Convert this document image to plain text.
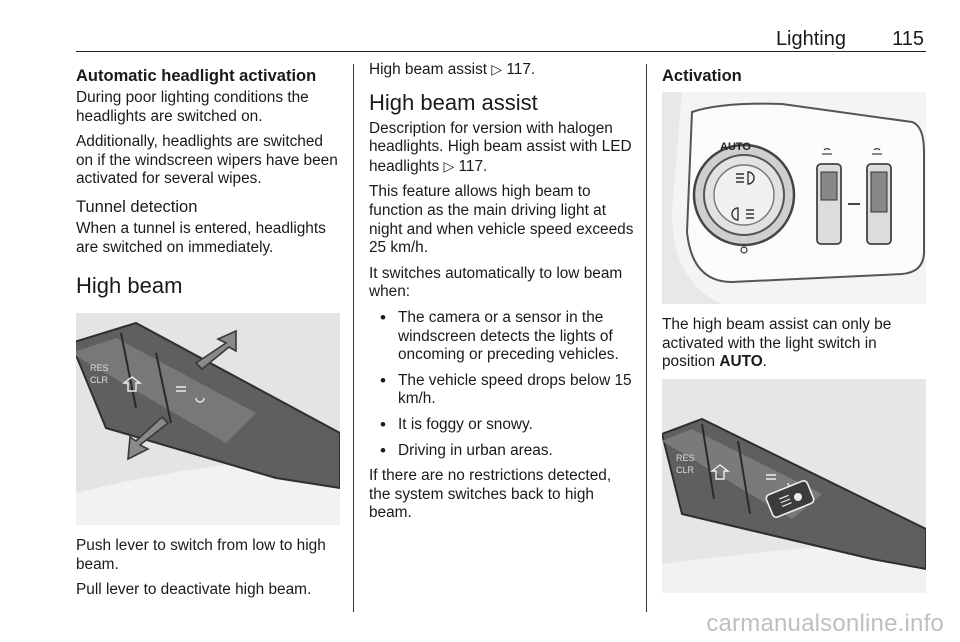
Lighting 115
Automatic headlight activation

During poor lighting conditions the headlights are switched on.

Additionally, headlights are switched on if the windscreen wipers have been activated for several wipes.

Tunnel detection

When a tunnel is entered, headlights are switched on immediately.

High beam
RES
CLR

Push lever to switch from low to high beam.

Pull lever to deactivate high beam.

High beam assist ▷ 117.

High beam assist

Description for version with halogen headlights. High beam assist with LED headlights ▷ 117.

This feature allows high beam to function as the main driving light at night and when vehicle speed exceeds 25 km/h.

It switches automatically to low beam when:

• The camera or a sensor in the windscreen detects the lights of oncoming or preceding vehicles.
• The vehicle speed drops below 15 km/h.
• It is foggy or snowy.
• Driving in urban areas.

If there are no restrictions detected, the system switches back to high beam.

Activation
AUTO

The high beam assist can only be activated with the light switch in position AUTO.

RES
CLR
carmanualsonline.info
